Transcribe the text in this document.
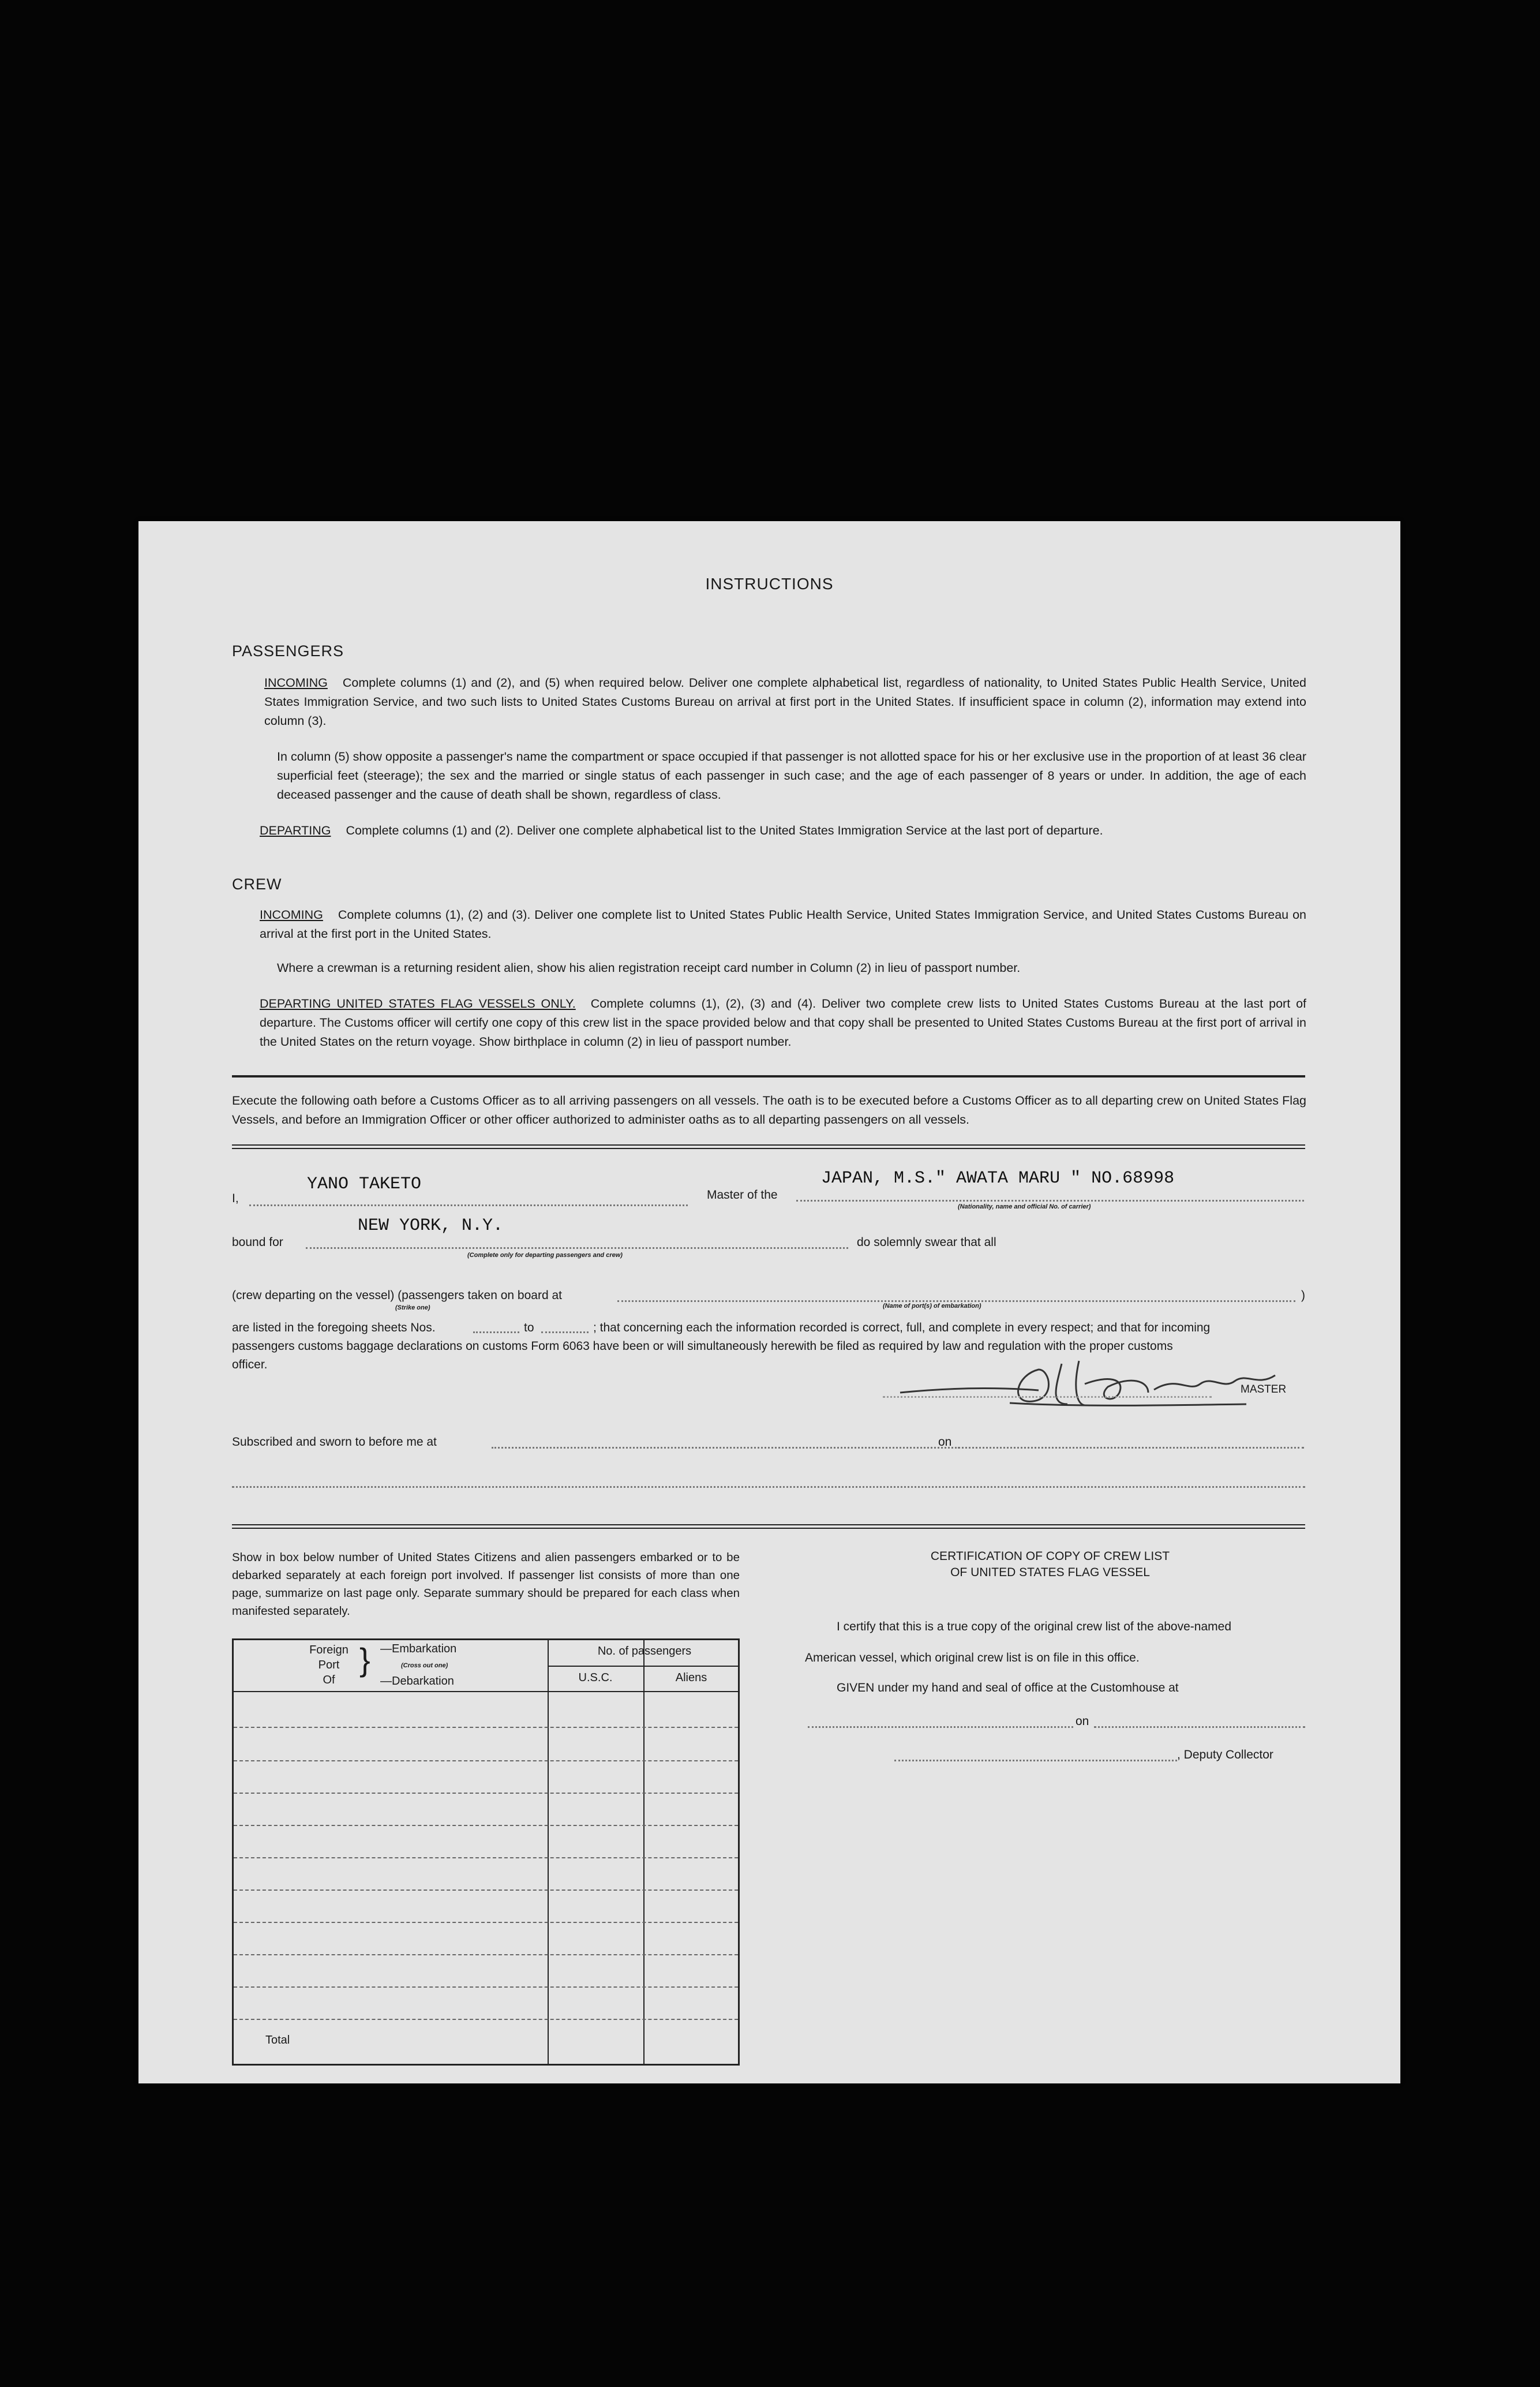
INSTRUCTIONS
PASSENGERS
INCOMING Complete columns (1) and (2), and (5) when required below. Deliver one complete alphabetical list, regardless of nationality, to United States Public Health Service, United States Immigration Service, and two such lists to United States Customs Bureau on arrival at first port in the United States. If insufficient space in column (2), information may extend into column (3).
In column (5) show opposite a passenger's name the compartment or space occupied if that passenger is not allotted space for his or her exclusive use in the proportion of at least 36 clear superficial feet (steerage); the sex and the married or single status of each passenger in such case; and the age of each passenger of 8 years or under. In addition, the age of each deceased passenger and the cause of death shall be shown, regardless of class.
DEPARTING Complete columns (1) and (2). Deliver one complete alphabetical list to the United States Immigration Service at the last port of departure.
CREW
INCOMING Complete columns (1), (2) and (3). Deliver one complete list to United States Public Health Service, United States Immigration Service, and United States Customs Bureau on arrival at the first port in the United States.
Where a crewman is a returning resident alien, show his alien registration receipt card number in Column (2) in lieu of passport number.
DEPARTING UNITED STATES FLAG VESSELS ONLY. Complete columns (1), (2), (3) and (4). Deliver two complete crew lists to United States Customs Bureau at the last port of departure. The Customs officer will certify one copy of this crew list in the space provided below and that copy shall be presented to United States Customs Bureau at the first port of arrival in the United States on the return voyage. Show birthplace in column (2) in lieu of passport number.
Execute the following oath before a Customs Officer as to all arriving passengers on all vessels. The oath is to be executed before a Customs Officer as to all departing crew on United States Flag Vessels, and before an Immigration Officer or other officer authorized to administer oaths as to all departing passengers on all vessels.
I,
YANO TAKETO
Master of the
JAPAN, M.S." AWATA MARU " NO.68998
(Nationality, name and official No. of carrier)
bound for
NEW YORK, N.Y.
(Complete only for departing passengers and crew)
do solemnly swear that all
(crew departing on the vessel) (passengers taken on board at	)
(Strike one)	(Name of port(s) of embarkation)
are listed in the foregoing sheets Nos.	to	; that concerning each the information recorded is correct, full, and complete in every respect; and that for incoming
passengers customs baggage declarations on customs Form 6063 have been or will simultaneously herewith be filed as required by law and regulation with the proper customs
officer.
MASTER
Subscribed and sworn to before me at	on
Show in box below number of United States Citizens and alien passengers embarked or to be debarked separately at each foreign port involved. If passenger list consists of more than one page, summarize on last page only. Separate summary should be prepared for each class when manifested separately.
Foreign
Port
Of
} —Embarkation
(Cross out one)
—Debarkation
No. of passengers
U.S.C.	Aliens
Total
CERTIFICATION OF COPY OF CREW LIST
OF UNITED STATES FLAG VESSEL
I certify that this is a true copy of the original crew list of the above-named
American vessel, which original crew list is on file in this office.
GIVEN under my hand and seal of office at the Customhouse at
on
, Deputy Collector
